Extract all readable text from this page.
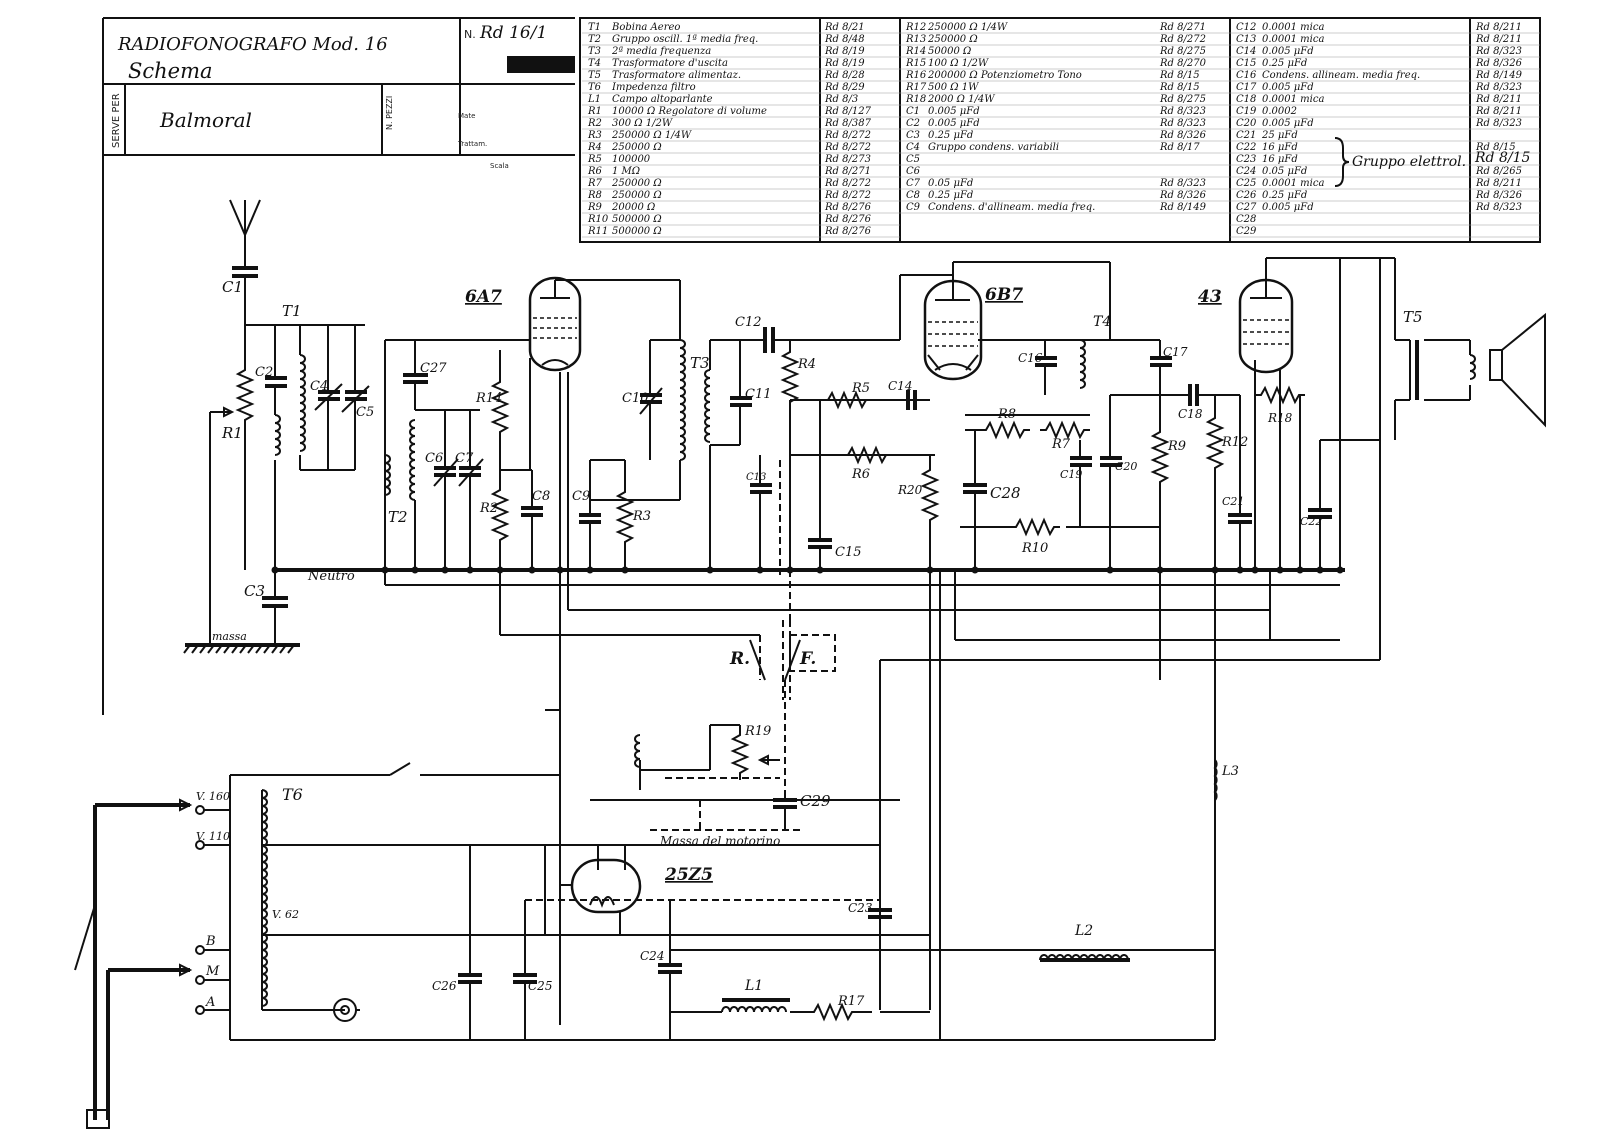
RADIOFONOGRAFO Mod. 16
Schema
SERVE PER Balmoral	N. PEZZI
N. Rd 16/1
Mate
Trattam.
Scala
T1 Bobina Aereo	Rd 8/21
T2 Gruppo oscill. 1ª media freq.	Rd 8/48
T3 2ª media frequenza	Rd 8/19
T4 Trasformatore d'uscita	Rd 8/19
T5 Trasformatore alimentaz.	Rd 8/28
T6 Impedenza filtro	Rd 8/29
L1 Campo altoparlante	Rd 8/3
R1 10000 Ω Regolatore di volume	Rd 8/127
R2 300 Ω 1/2W	Rd 8/387
R3 250000 Ω 1/4W	Rd 8/272
R4 250000 Ω	Rd 8/272
R5 100000	Rd 8/273
R6 1 MΩ	Rd 8/271
R7 250000 Ω	Rd 8/272
R8 250000 Ω	Rd 8/272
R9 20000 Ω	Rd 8/276
R10 500000 Ω	Rd 8/276
R11 500000 Ω	Rd 8/276
R12 250000 Ω 1/4W	Rd 8/271
R13 250000 Ω	Rd 8/272
R14 50000 Ω	Rd 8/275
R15 100 Ω 1/2W	Rd 8/270
R16 200000 Ω Potenziometro Tono	Rd 8/15
R17 500 Ω 1W	Rd 8/15
R18 2000 Ω 1/4W	Rd 8/275
C1 0.005 μFd	Rd 8/323
C2 0.005 μFd	Rd 8/323
C3 0.25 μFd	Rd 8/326
C4 Gruppo condens. variabili	Rd 8/17
C5
C6
C7 0.05 μFd	Rd 8/323
C8 0.25 μFd	Rd 8/326
C9 Condens. d'allineam. media freq.	Rd 8/149
C12 0.0001 mica	Rd 8/211
C13 0.0001 mica	Rd 8/211
C14 0.005 μFd	Rd 8/323
C15 0.25 μFd	Rd 8/326
C16 Condens. allineam. media freq.	Rd 8/149
C17 0.005 μFd	Rd 8/323
C18 0.0001 mica	Rd 8/211
C19 0.0002	Rd 8/211
C20 0.005 μFd	Rd 8/323
C21 25 μFd
C22 16 μFd	Rd 8/15
C23 16 μFd
C24 0.05 μFd	Rd 8/265
C25 0.0001 mica	Rd 8/211
C26 0.25 μFd	Rd 8/326
C27 0.005 μFd	Rd 8/323
C28
C29
Gruppo elettrol. Rd 8/15
C1
T1
R1
C2
C4
C5
C3
massa
Neutro
T2
C27
C6 C7
R14
R2
C8
6A7
C9
R3
C10
T3
C11
C12
R4
R5 C14
R6
C13
C15
6B7
C16
T4
R8
R7
R20	C28
R10
C19
C20
C17
C18
R9	R12
C21
43
R18
C22
T5
R.	F.
R19
C29
Massa del motorino
V. 160
V. 110
V. 62
B
M
A
T6
25Z5
C26	C25
C24
C23
L1
R17
L2
L3
